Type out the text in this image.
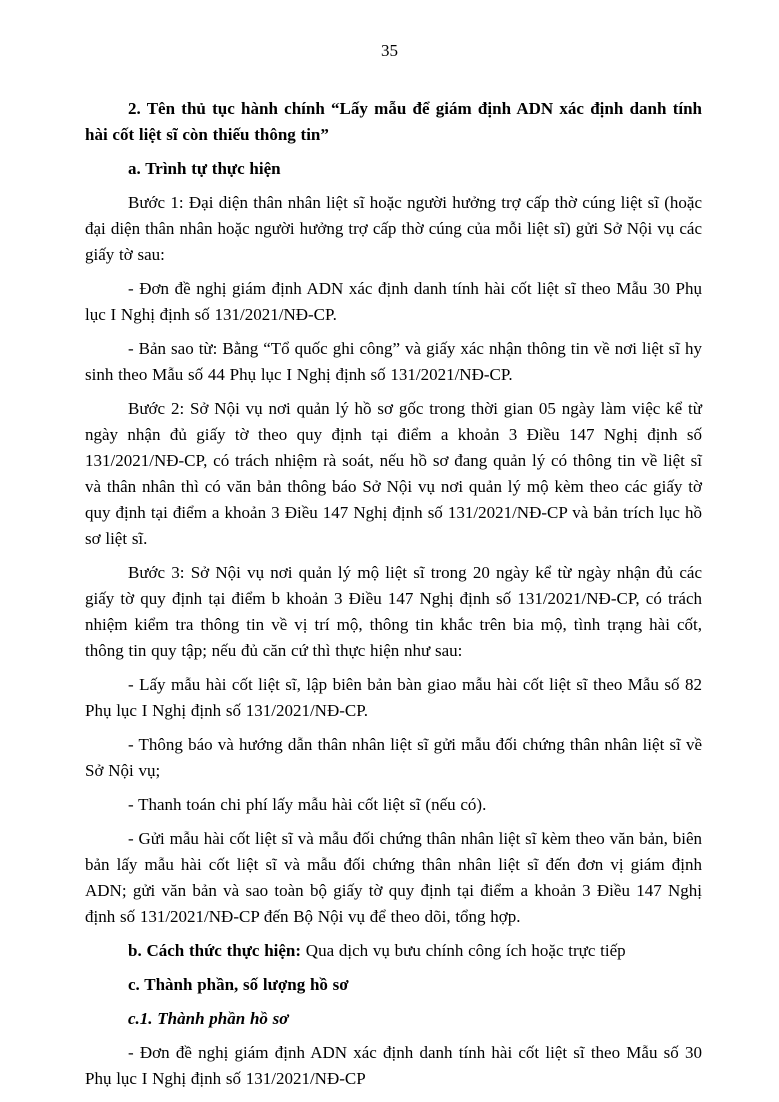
35

2. Tên thủ tục hành chính “Lấy mẫu để giám định ADN xác định danh tính hài cốt liệt sĩ còn thiếu thông tin”

a. Trình tự thực hiện

Bước 1: Đại diện thân nhân liệt sĩ hoặc người hưởng trợ cấp thờ cúng liệt sĩ (hoặc đại diện thân nhân hoặc người hưởng trợ cấp thờ cúng của mỗi liệt sĩ) gửi Sở Nội vụ các giấy tờ sau:

- Đơn đề nghị giám định ADN xác định danh tính hài cốt liệt sĩ theo Mẫu 30 Phụ lục I Nghị định số 131/2021/NĐ-CP.

- Bản sao từ: Bằng “Tổ quốc ghi công” và giấy xác nhận thông tin về nơi liệt sĩ hy sinh theo Mẫu số 44 Phụ lục I Nghị định số 131/2021/NĐ-CP.

Bước 2: Sở Nội vụ nơi quản lý hồ sơ gốc trong thời gian 05 ngày làm việc kể từ ngày nhận đủ giấy tờ theo quy định tại điểm a khoản 3 Điều 147 Nghị định số 131/2021/NĐ-CP, có trách nhiệm rà soát, nếu hồ sơ đang quản lý có thông tin về liệt sĩ và thân nhân thì có văn bản thông báo Sở Nội vụ nơi quản lý mộ kèm theo các giấy tờ quy định tại điểm a khoản 3 Điều 147 Nghị định số 131/2021/NĐ-CP và bản trích lục hồ sơ liệt sĩ.

Bước 3: Sở Nội vụ nơi quản lý mộ liệt sĩ trong 20 ngày kể từ ngày nhận đủ các giấy tờ quy định tại điểm b khoản 3 Điều 147 Nghị định số 131/2021/NĐ-CP, có trách nhiệm kiểm tra thông tin về vị trí mộ, thông tin khắc trên bia mộ, tình trạng hài cốt, thông tin quy tập; nếu đủ căn cứ thì thực hiện như sau:

- Lấy mẫu hài cốt liệt sĩ, lập biên bản bàn giao mẫu hài cốt liệt sĩ theo Mẫu số 82 Phụ lục I Nghị định số 131/2021/NĐ-CP.

- Thông báo và hướng dẫn thân nhân liệt sĩ gửi mẫu đối chứng thân nhân liệt sĩ về Sở Nội vụ;

- Thanh toán chi phí lấy mẫu hài cốt liệt sĩ (nếu có).

- Gửi mẫu hài cốt liệt sĩ và mẫu đối chứng thân nhân liệt sĩ kèm theo văn bản, biên bản lấy mẫu hài cốt liệt sĩ và mẫu đối chứng thân nhân liệt sĩ đến đơn vị giám định ADN; gửi văn bản và sao toàn bộ giấy tờ quy định tại điểm a khoản 3 Điều 147 Nghị định số 131/2021/NĐ-CP đến Bộ Nội vụ để theo dõi, tổng hợp.

b. Cách thức thực hiện: Qua dịch vụ bưu chính công ích hoặc trực tiếp

c. Thành phần, số lượng hồ sơ

c.1. Thành phần hồ sơ

- Đơn đề nghị giám định ADN xác định danh tính hài cốt liệt sĩ theo Mẫu số 30 Phụ lục I Nghị định số 131/2021/NĐ-CP
